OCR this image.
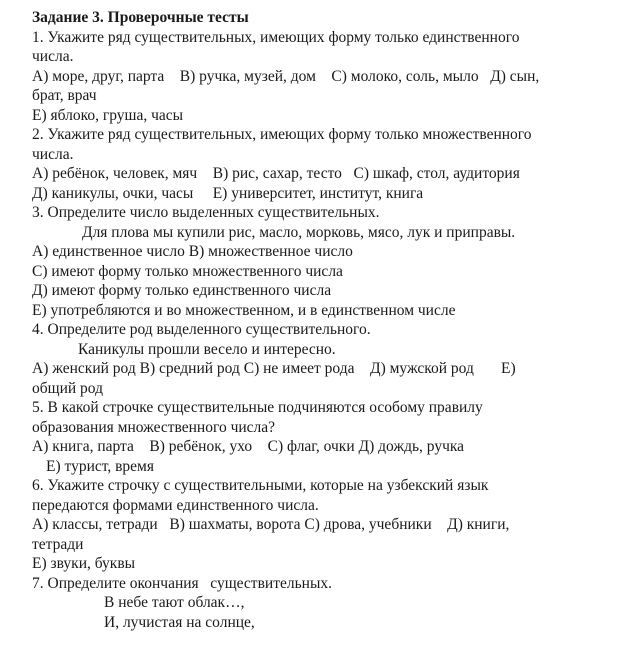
Задание 3. Проверочные тесты
1. Укажите ряд существительных, имеющих форму только единственного
числа.
А) море, друг, парта    В) ручка, музей, дом    С) молоко, соль, мыло   Д) сын,
брат, врач
Е) яблоко, груша, часы
2. Укажите ряд существительных, имеющих форму только множественного
числа.
А) ребёнок, человек, мяч    В) рис, сахар, тесто   С) шкаф, стол, аудитория
Д) каникулы, очки, часы     Е) университет, институт, книга
3. Определите число выделенных существительных.
Для плова мы купили рис, масло, морковь, мясо, лук и приправы.
А) единственное число В) множественное число
С) имеют форму только множественного числа
Д) имеют форму только единственного числа
Е) употребляются и во множественном, и в единственном числе
4. Определите род выделенного существительного.
Каникулы прошли весело и интересно.
А) женский род В) средний род С) не имеет рода    Д) мужской род       Е)
общий род
5. В какой строчке существительные подчиняются особому правилу
образования множественного числа?
А) книга, парта    В) ребёнок, ухо    С) флаг, очки Д) дождь, ручка
Е) турист, время
6. Укажите строчку с существительными, которые на узбекский язык
передаются формами единственного числа.
А) классы, тетради   В) шахматы, ворота С) дрова, учебники    Д) книги,
тетради
Е) звуки, буквы
7. Определите окончания   существительных.
В небе тают облак…,
И, лучистая на солнце,
